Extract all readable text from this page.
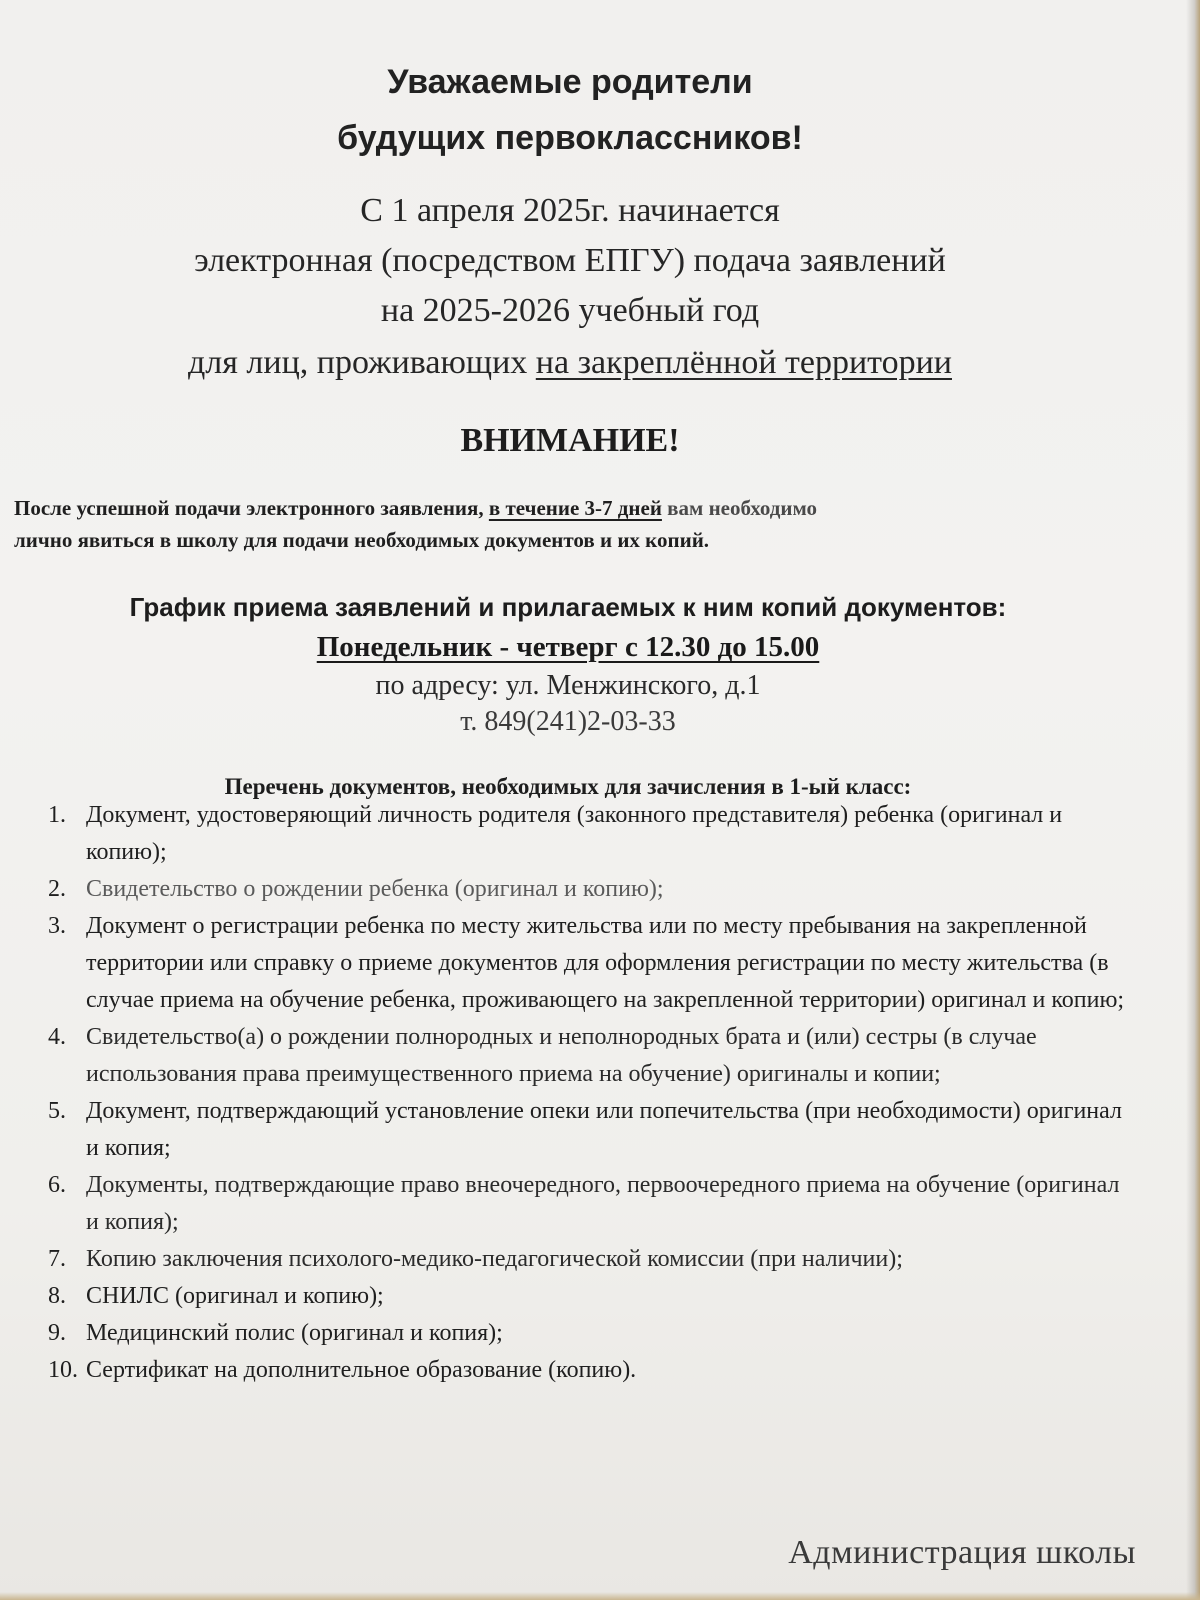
Уважаемые родители
будущих первоклассников!
С 1 апреля 2025г. начинается
электронная (посредством ЕПГУ) подача заявлений
на 2025-2026 учебный год
для лиц, проживающих на закреплённой территории
ВНИМАНИЕ!
После успешной подачи электронного заявления, в течение 3-7 дней вам необходимо
лично явиться в школу для подачи необходимых документов и их копий.
График приема заявлений и прилагаемых к ним копий документов:
Понедельник - четверг с 12.30 до 15.00
по адресу: ул. Менжинского, д.1
т. 849(241)2-03-33
Перечень документов, необходимых для зачисления в 1-ый класс:
1. Документ, удостоверяющий личность родителя (законного представителя) ребенка (оригинал и копию);
2. Свидетельство о рождении ребенка (оригинал и копию);
3. Документ о регистрации ребенка по месту жительства или по месту пребывания на закрепленной территории или справку о приеме документов для оформления регистрации по месту жительства (в случае приема на обучение ребенка, проживающего на закрепленной территории) оригинал и копию;
4. Свидетельство(а) о рождении полнородных и неполнородных брата и (или) сестры (в случае использования права преимущественного приема на обучение) оригиналы и копии;
5. Документ, подтверждающий установление опеки или попечительства (при необходимости) оригинал и копия;
6. Документы, подтверждающие право внеочередного, первоочередного приема на обучение (оригинал и копия);
7. Копию заключения психолого-медико-педагогической комиссии (при наличии);
8. СНИЛС (оригинал и копию);
9. Медицинский полис (оригинал и копия);
10. Сертификат на дополнительное образование (копию).
Администрация школы
